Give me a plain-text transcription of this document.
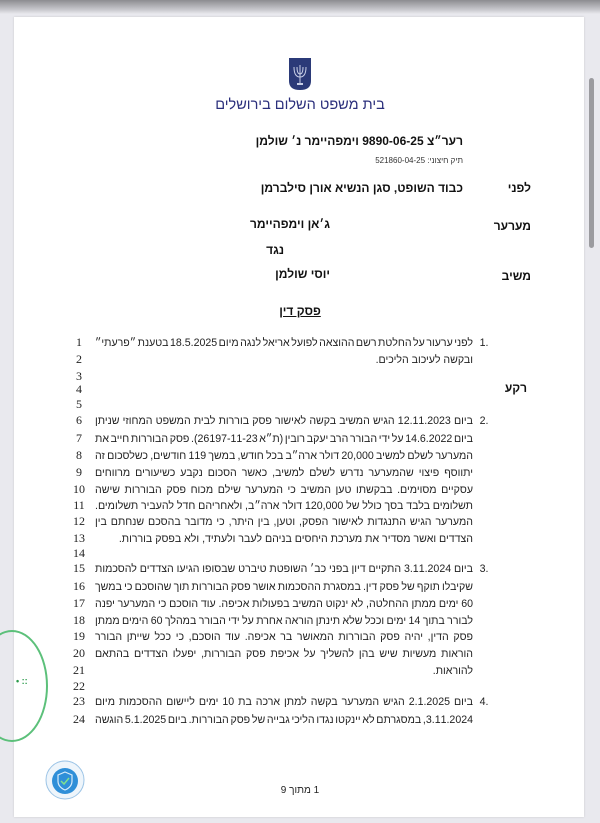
בית משפט השלום בירושלים
רער״צ 9890-06-25 וימפהיימר נ׳ שולמן
תיק חיצוני: 521860-04-25
לפני
כבוד השופט, סגן הנשיא אורן סילברמן
מערער
ג׳אן וימפהיימר
נגד
משיב
יוסי שולמן
פסק דין
רקע
1	לפני ערעור על החלטת רשם ההוצאה לפועל אריאל לנגה מיום 18.5.2025 בטענת ״פרעתי״ 1.
2	ובקשה לעיכוב הליכים.
3
4
5
6	ביום 12.11.2023 הגיש המשיב בקשה לאישור פסק בוררות לבית המשפט המחוזי שניתן 2.
7	ביום 14.6.2022 על ידי הבורר הרב יעקב רובין (ת״א 26197-11-23). פסק הבוררות חייב את
8	המערער לשלם למשיב 20,000 דולר ארה״ב בכל חודש, במשך 119 חודשים, כשלסכום זה
9	יתווסף פיצוי שהמערער נדרש לשלם למשיב, כאשר הסכום נקבע כשיעורים מרווחים
10 עסקיים מסוימים. בבקשתו טען המשיב כי המערער שילם מכוח פסק הבוררות שישה
11 תשלומים בלבד בסך כולל של 120,000 דולר ארה״ב, ולאחריהם חדל להעביר תשלומים.
12 המערער הגיש התנגדות לאישור הפסק, וטען, בין היתר, כי מדובר בהסכם שנחתם בין
13	הצדדים ואשר מסדיר את מערכת היחסים בניהם לעבר ולעתיד, ולא בפסק בוררות.
14
15 ביום 3.11.2024 התקיים דיון בפני כב׳ השופטת טיברט שבסופו הגיעו הצדדים להסכמות 3.
16 שקיבלו תוקף של פסק דין. במסגרת ההסכמות אושר פסק הבוררות תוך שהוסכם כי במשך
17 60 ימים ממתן ההחלטה, לא ינקוט המשיב בפעולות אכיפה. עוד הוסכם כי המערער יפנה
18 לבורר בתוך 14 ימים וככל שלא תינתן הוראה אחרת על ידי הבורר במהלך 60 הימים ממתן
19 פסק הדין, יהיה פסק הבוררות המאושר בר אכיפה. עוד הוסכם, כי ככל שייתן הבורר
20 הוראות מעשיות שיש בהן להשליך על אכיפת פסק הבוררות, יפעלו הצדדים בהתאם
21	להוראות.
22
23 ביום 2.1.2025 הגיש המערער בקשה למתן ארכה בת 10 ימים ליישום ההסכמות מיום 4.
24 3.11.2024, במסגרתם לא יינקטו נגדו הליכי גבייה של פסק הבוררות. ביום 5.1.2025 הוגשה
1 מתוך 9
• ::
